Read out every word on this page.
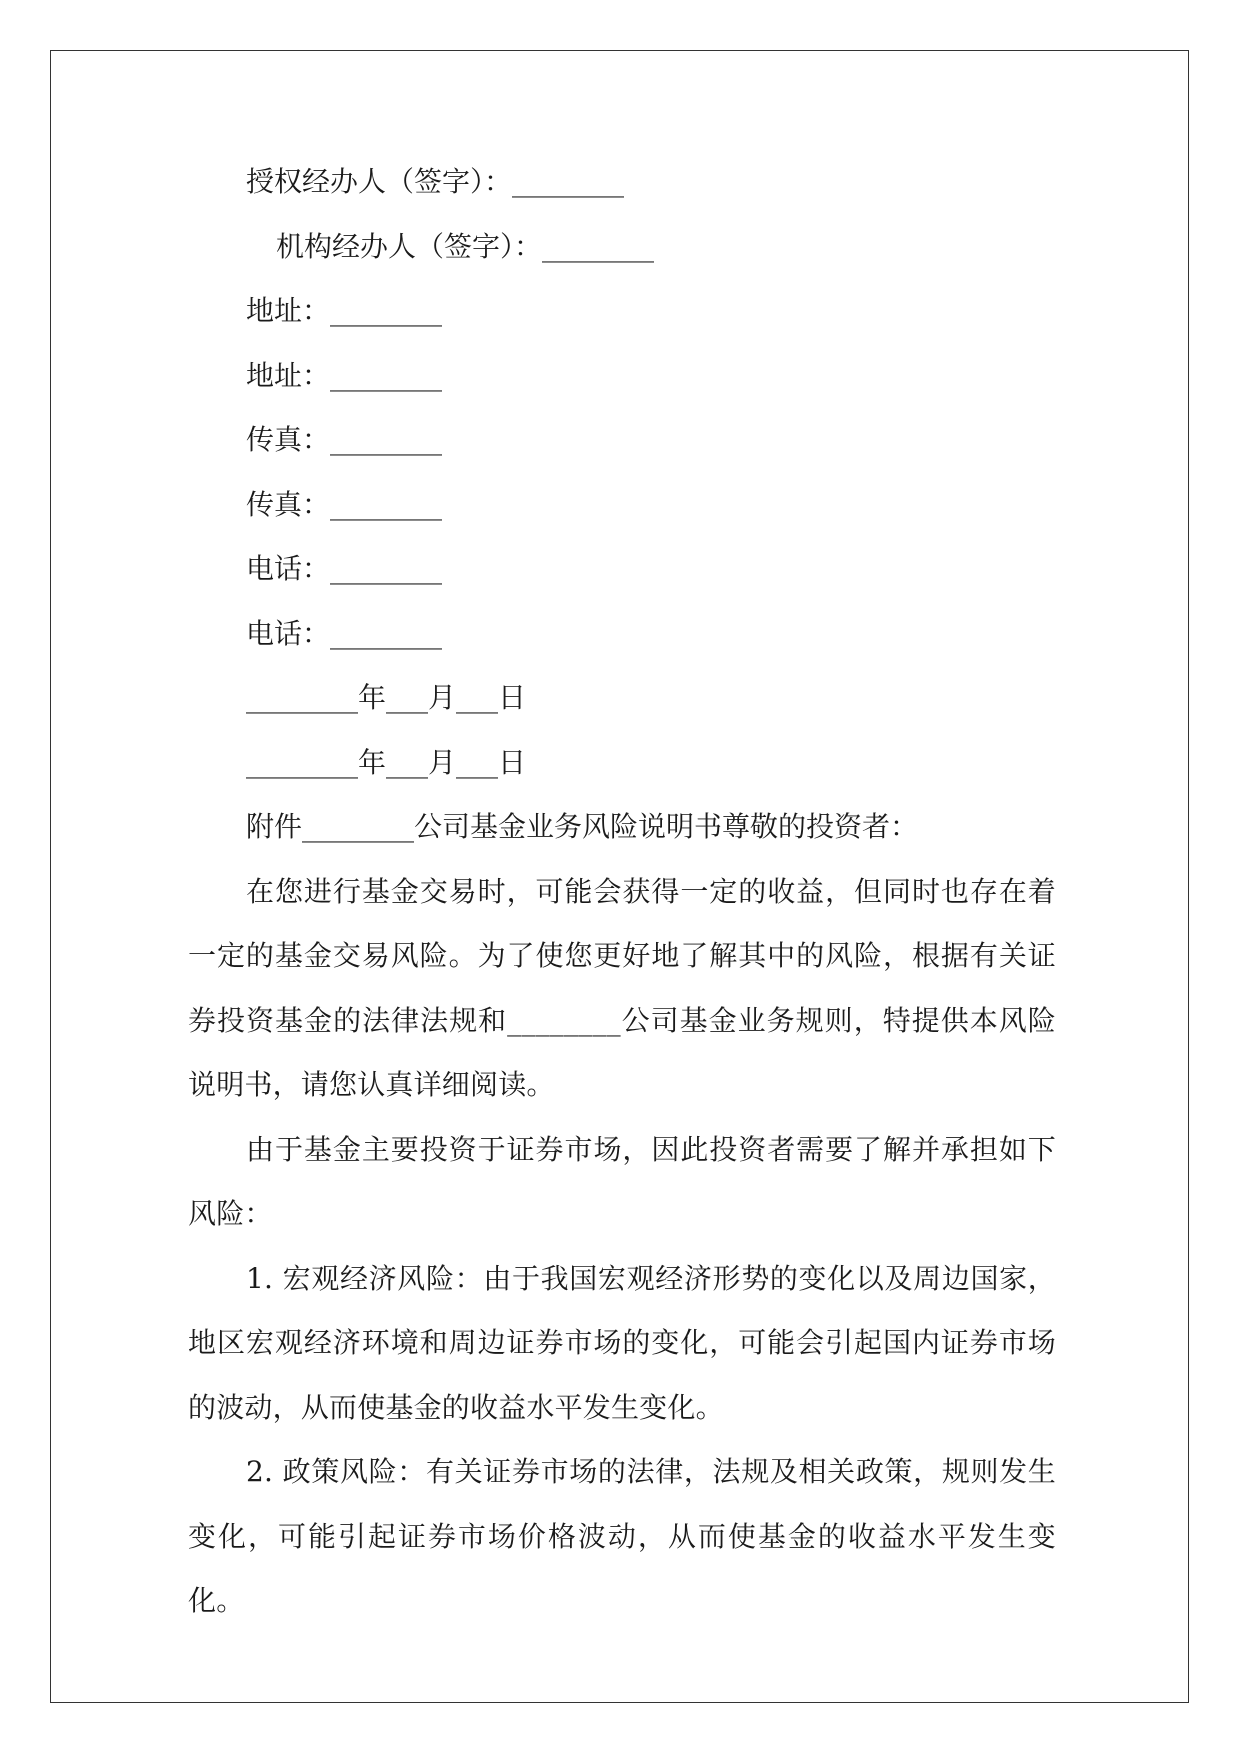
授权经办人（签字）：________

机构经办人（签字）：________

地址：________

地址：________

传真：________

传真：________

电话：________

电话：________

________年___月___日

________年___月___日

附件________公司基金业务风险说明书尊敬的投资者：

在您进行基金交易时，可能会获得一定的收益，但同时也存在着一定的基金交易风险。为了使您更好地了解其中的风险，根据有关证券投资基金的法律法规和________公司基金业务规则，特提供本风险说明书，请您认真详细阅读。

由于基金主要投资于证券市场，因此投资者需要了解并承担如下风险：

1. 宏观经济风险：由于我国宏观经济形势的变化以及周边国家，地区宏观经济环境和周边证券市场的变化，可能会引起国内证券市场的波动，从而使基金的收益水平发生变化。

2. 政策风险：有关证券市场的法律，法规及相关政策，规则发生变化，可能引起证券市场价格波动，从而使基金的收益水平发生变化。
